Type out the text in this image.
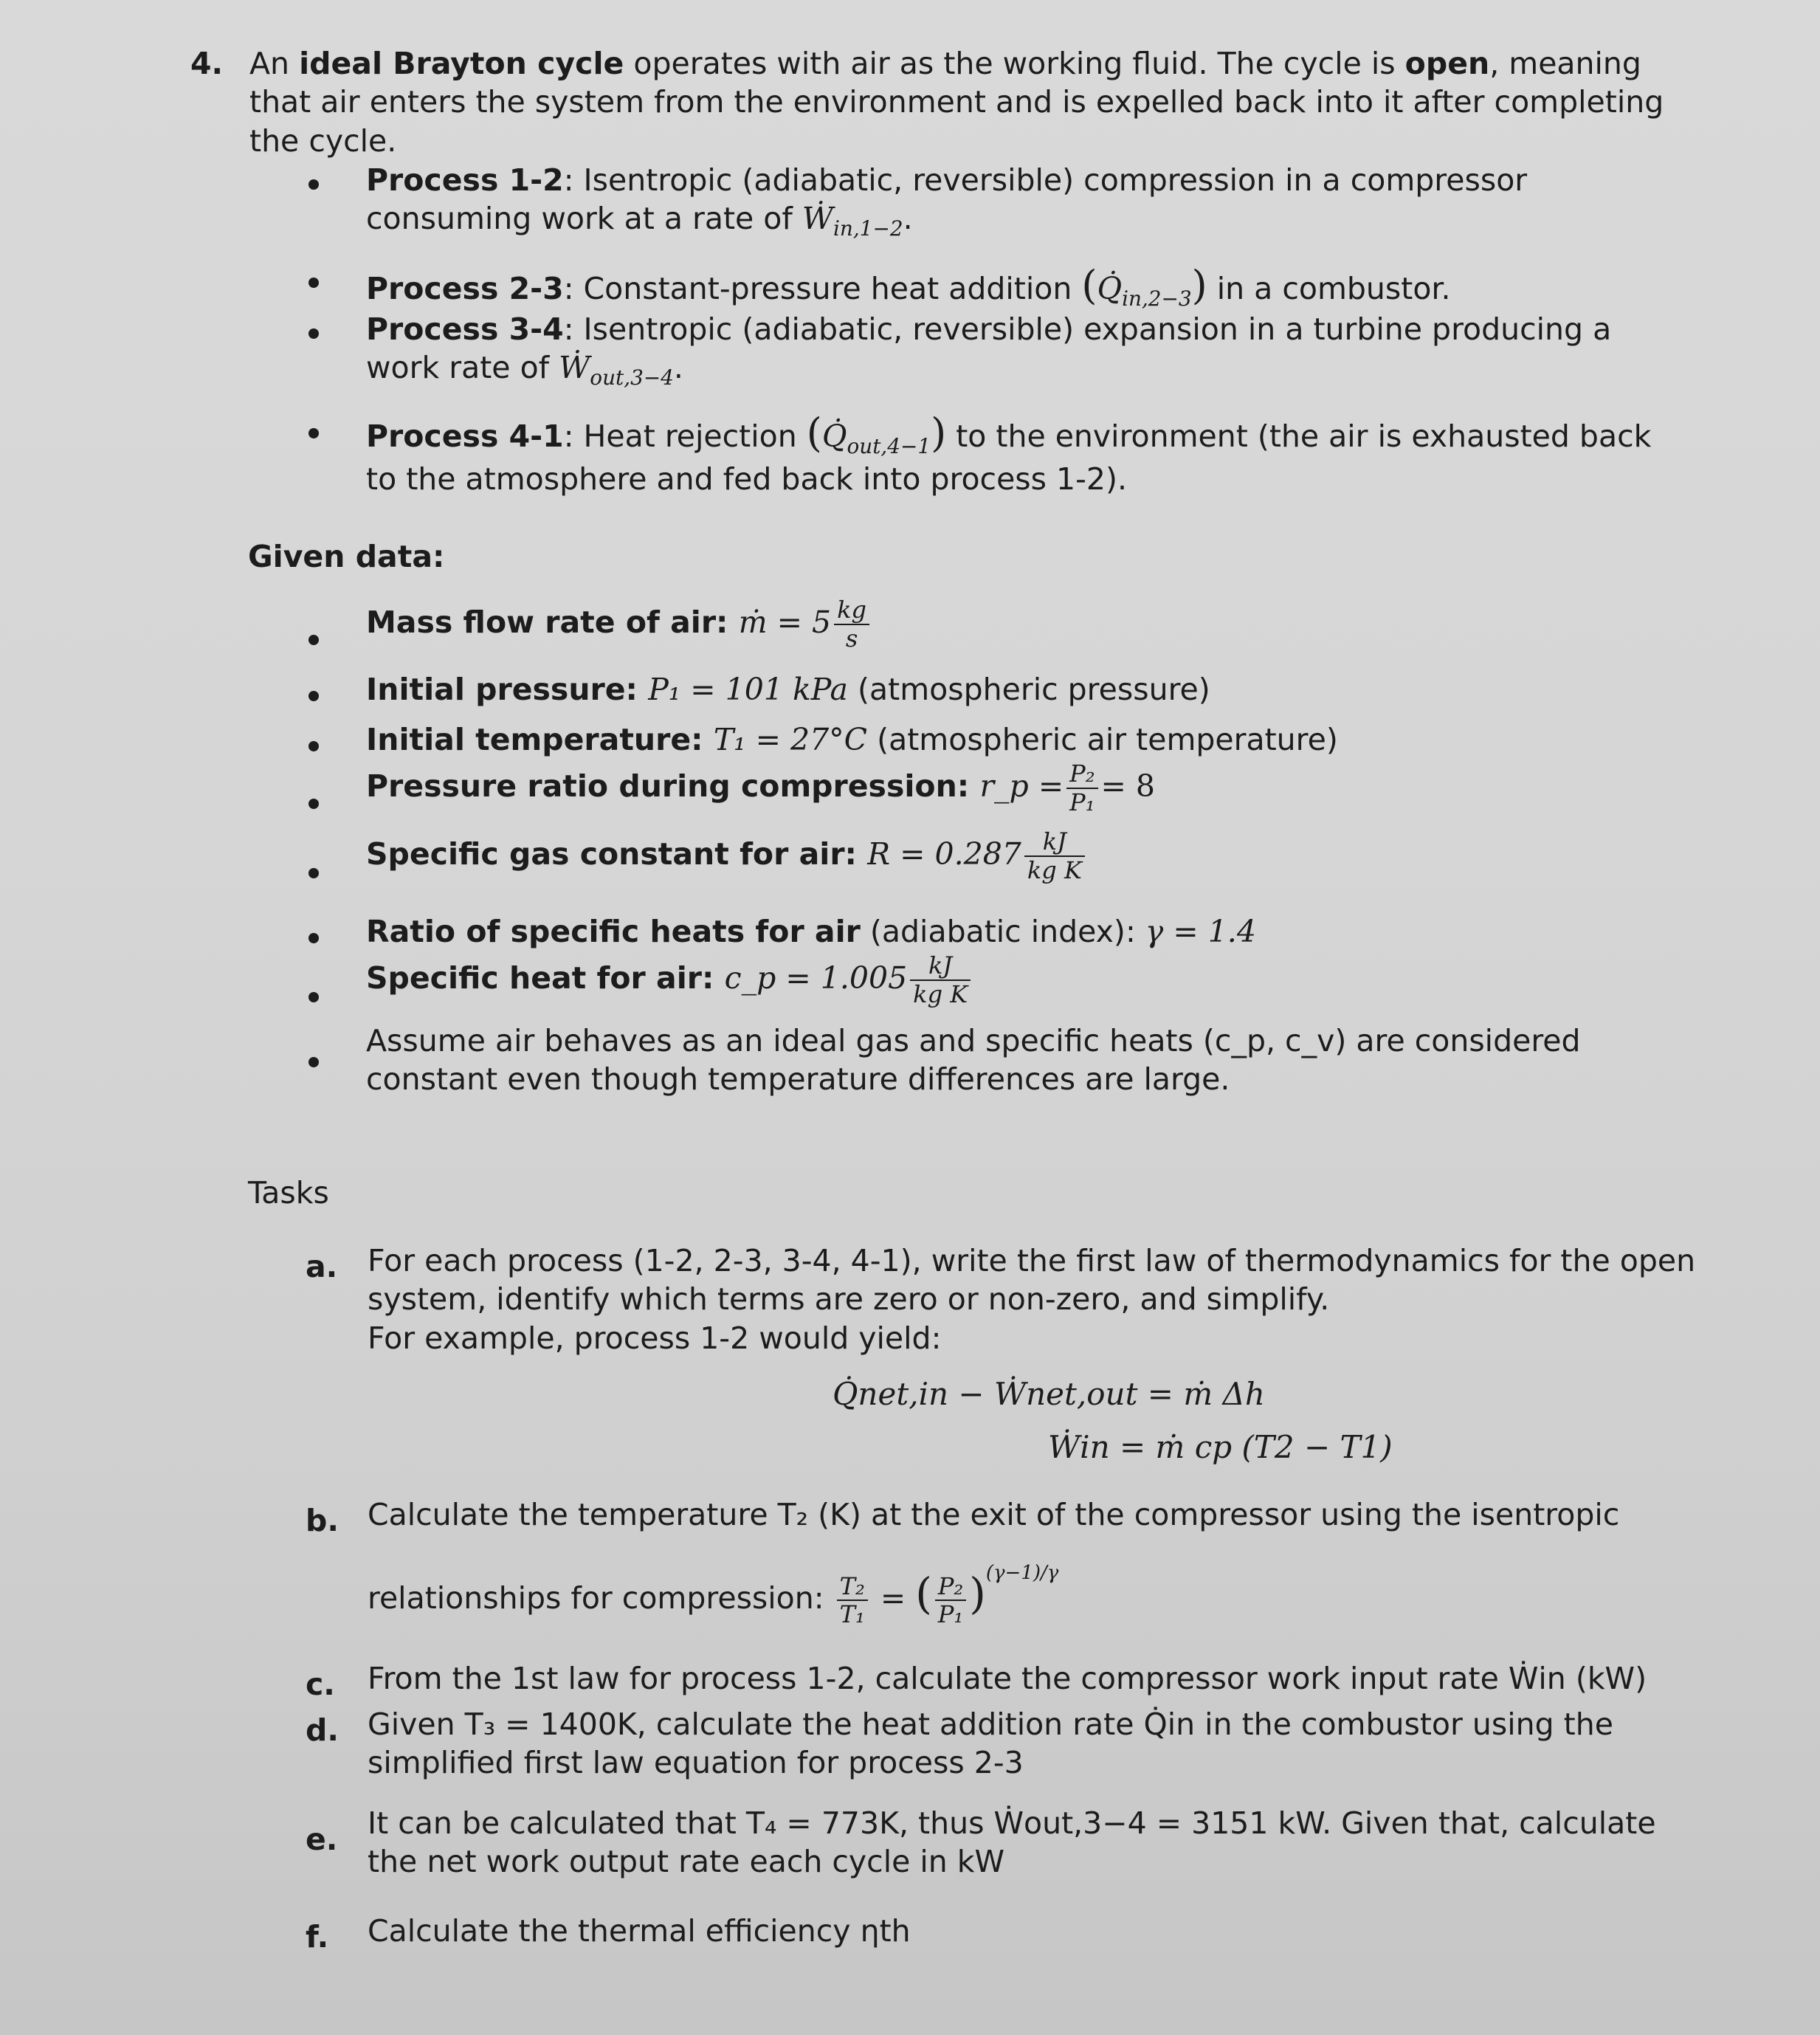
4. An ideal Brayton cycle operates with air as the working fluid. The cycle is open, meaning that air enters the system from the environment and is expelled back into it after completing the cycle.
Process 1-2: Isentropic (adiabatic, reversible) compression in a compressor consuming work at a rate of Ẇ$_{in,1-2}$.
Process 2-3: Constant-pressure heat addition $(Q̇_{in,2-3})$ in a combustor.
Process 3-4: Isentropic (adiabatic, reversible) expansion in a turbine producing a work rate of Ẇ$_{out,3-4}$.
Process 4-1: Heat rejection $(Q̇_{out,4-1})$ to the environment (the air is exhausted back to the atmosphere and fed back into process 1-2).
Given data:
Mass flow rate of air: ṁ = $5 \frac{kg}{s}$
Initial pressure: P₁ = 101 kPa (atmospheric pressure)
Initial temperature: T₁ = 27°C (atmospheric air temperature)
Pressure ratio during compression: r_p = $\frac{\text{P₂}}{\text{P₁}} = 8$
Specific gas constant for air: $R = 0.287 \frac{kJ}{\text{kg K}}$
Ratio of specific heats for air (adiabatic index): γ = 1.4
Specific heat for air: c_p = $1.005 \frac{kJ}{\text{kg K}}$
Assume air behaves as an ideal gas and specific heats (c_p, c_v) are considered constant even though temperature differences are large.
Tasks
a. For each process (1-2, 2-3, 3-4, 4-1), write the first law of thermodynamics for the open system, identify which terms are zero or non-zero, and simplify.
For example, process 1-2 would yield:
Q̇net,in − Ẇnet,out = ṁ Δh
Ẇin = ṁ cp (T2 − T1)
b. Calculate the temperature T₂ (K) at the exit of the compressor using the isentropic
relationships for compression: $\frac{\text{T₂}}{\text{T₁}}$ = ( $\frac{\text{P₂}}{\text{P₁}} )^{(\gamma-1)/\gamma}$
c. From the 1st law for process 1-2, calculate the compressor work input rate Ẇin (kW)
d. Given T₃ = 1400K, calculate the heat addition rate Q̇in in the combustor using the simplified first law equation for process 2-3
e. It can be calculated that T₄ = 773K, thus Ẇout,3−4 = 3151 kW. Given that, calculate the net work output rate each cycle in kW
f. Calculate the thermal efficiency ηth
